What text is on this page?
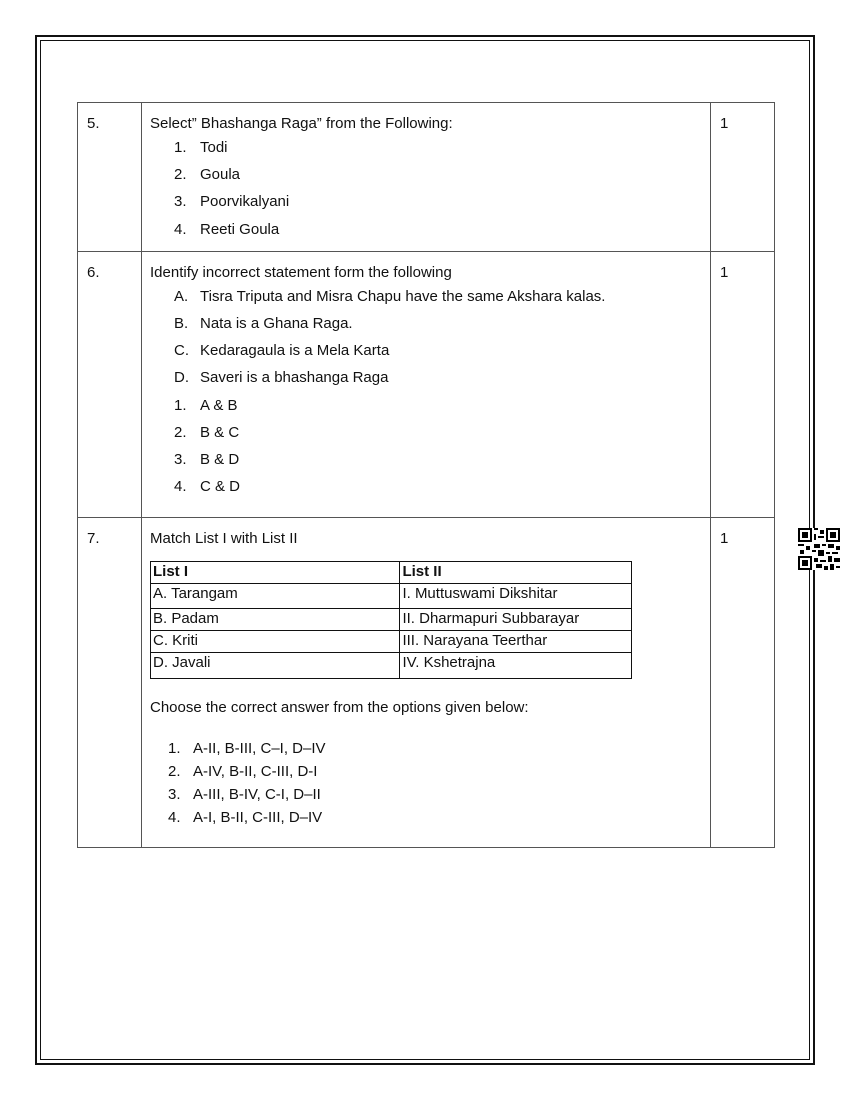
5.	Select” Bhashanga Raga” from the Following:

1. Todi
2. Goula
3. Poorvikalyani
4. Reeti Goula
	1
6.	Identify incorrect statement form the following

A. Tisra Triputa and Misra Chapu have the same Akshara kalas.
B. Nata is a Ghana Raga.
C. Kedaragaula is a Mela Karta
D. Saveri is a bhashanga Raga
1. A & B
2. B & C
3. B & D
4. C & D
	1
7.	Match List I with List II

List I	List II
A. Tarangam	I. Muttuswami Dikshitar
B. Padam	II. Dharmapuri Subbarayar
C. Kriti	III. Narayana Teerthar
D. Javali	IV. Kshetrajna

Choose the correct answer from the options given below:

1. A-II, B-III, C–I, D–IV
2. A-IV, B-II, C-III, D-I
3. A-III, B-IV, C-I, D–II
4. A-I, B-II, C-III, D–IV
	1
